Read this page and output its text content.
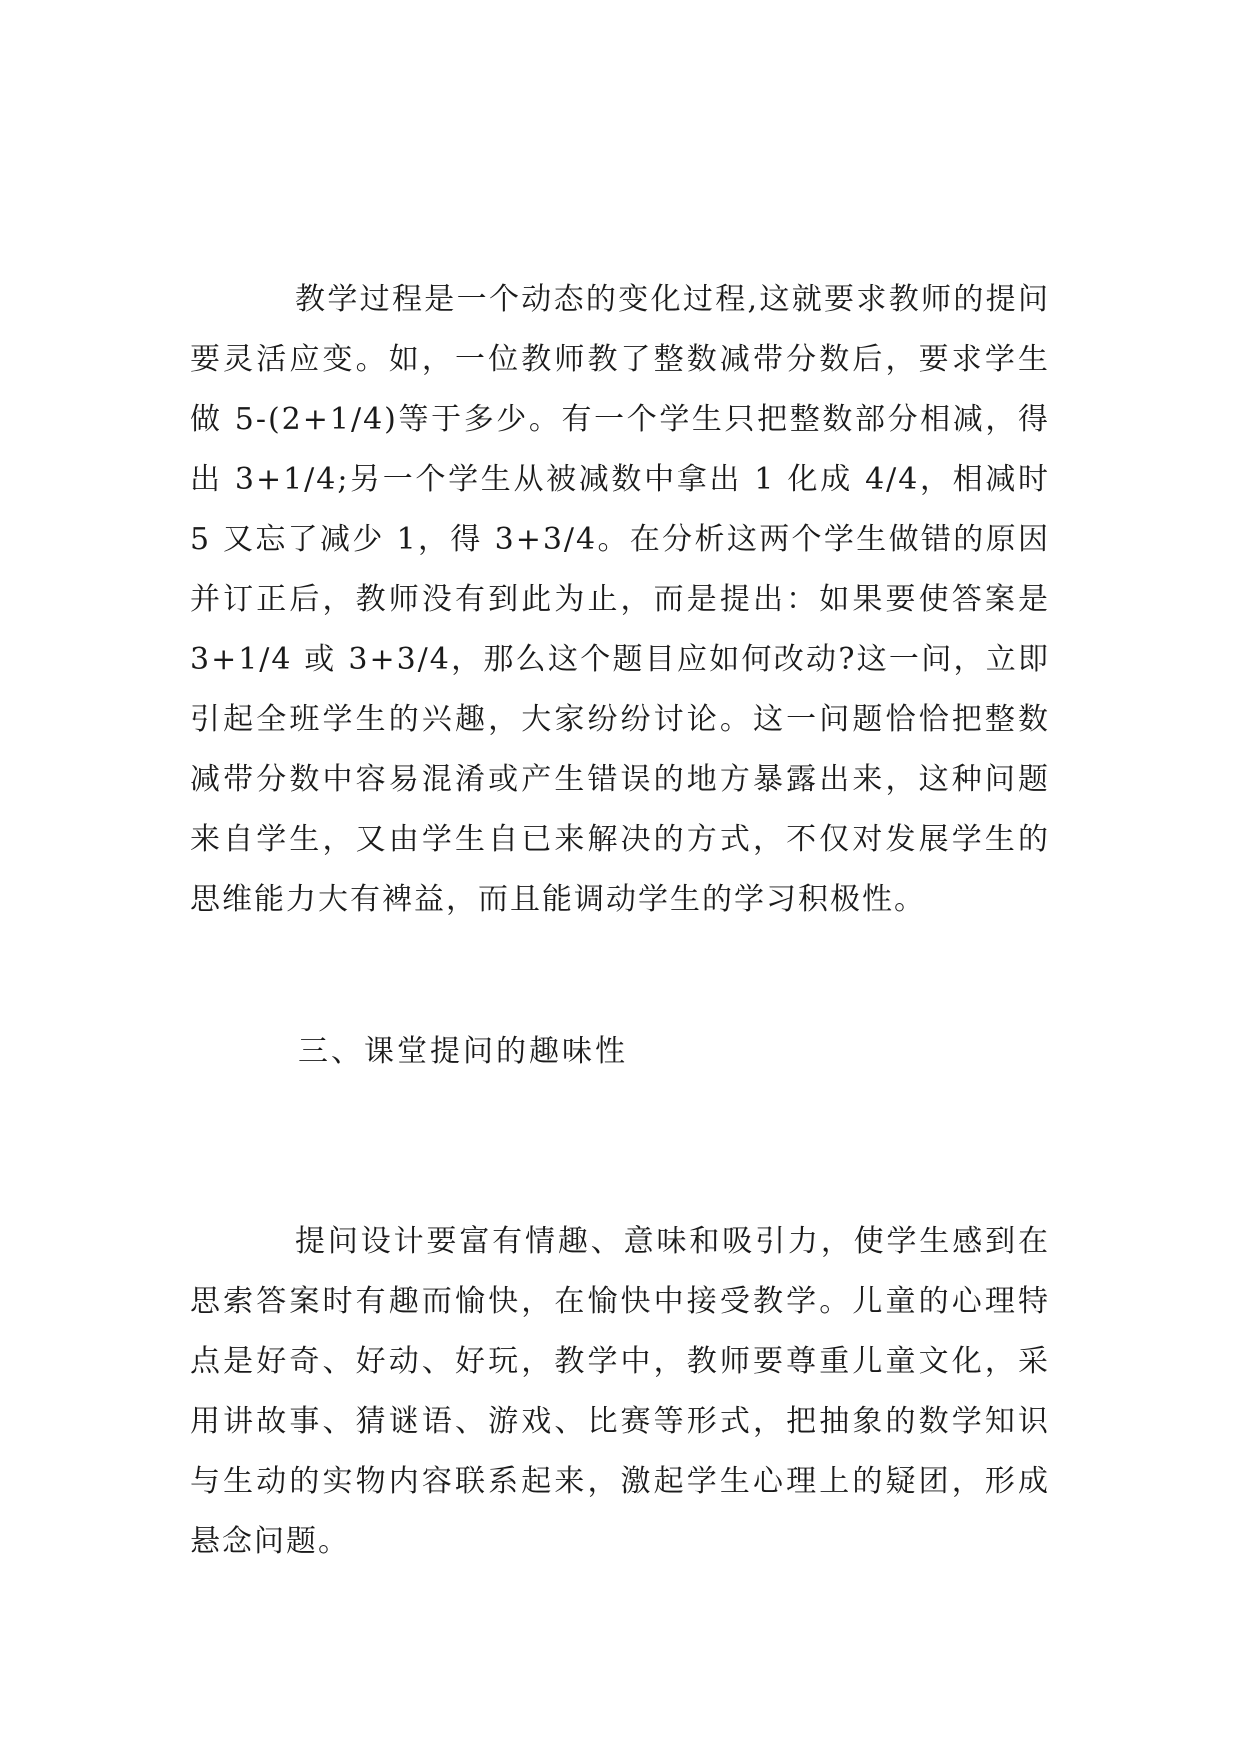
教学过程是一个动态的变化过程,这就要求教师的提问要灵活应变。如，一位教师教了整数减带分数后，要求学生做 5-(2+1/4)等于多少。有一个学生只把整数部分相减，得出 3+1/4;另一个学生从被减数中拿出 1 化成 4/4，相减时 5 又忘了减少 1，得 3+3/4。在分析这两个学生做错的原因并订正后，教师没有到此为止，而是提出：如果要使答案是 3+1/4 或 3+3/4，那么这个题目应如何改动?这一问，立即引起全班学生的兴趣，大家纷纷讨论。这一问题恰恰把整数减带分数中容易混淆或产生错误的地方暴露出来，这种问题来自学生，又由学生自已来解决的方式，不仅对发展学生的思维能力大有裨益，而且能调动学生的学习积极性。

三、课堂提问的趣味性

提问设计要富有情趣、意味和吸引力，使学生感到在思索答案时有趣而愉快，在愉快中接受教学。儿童的心理特点是好奇、好动、好玩，教学中，教师要尊重儿童文化，采用讲故事、猜谜语、游戏、比赛等形式，把抽象的数学知识与生动的实物内容联系起来，激起学生心理上的疑团，形成悬念问题。
